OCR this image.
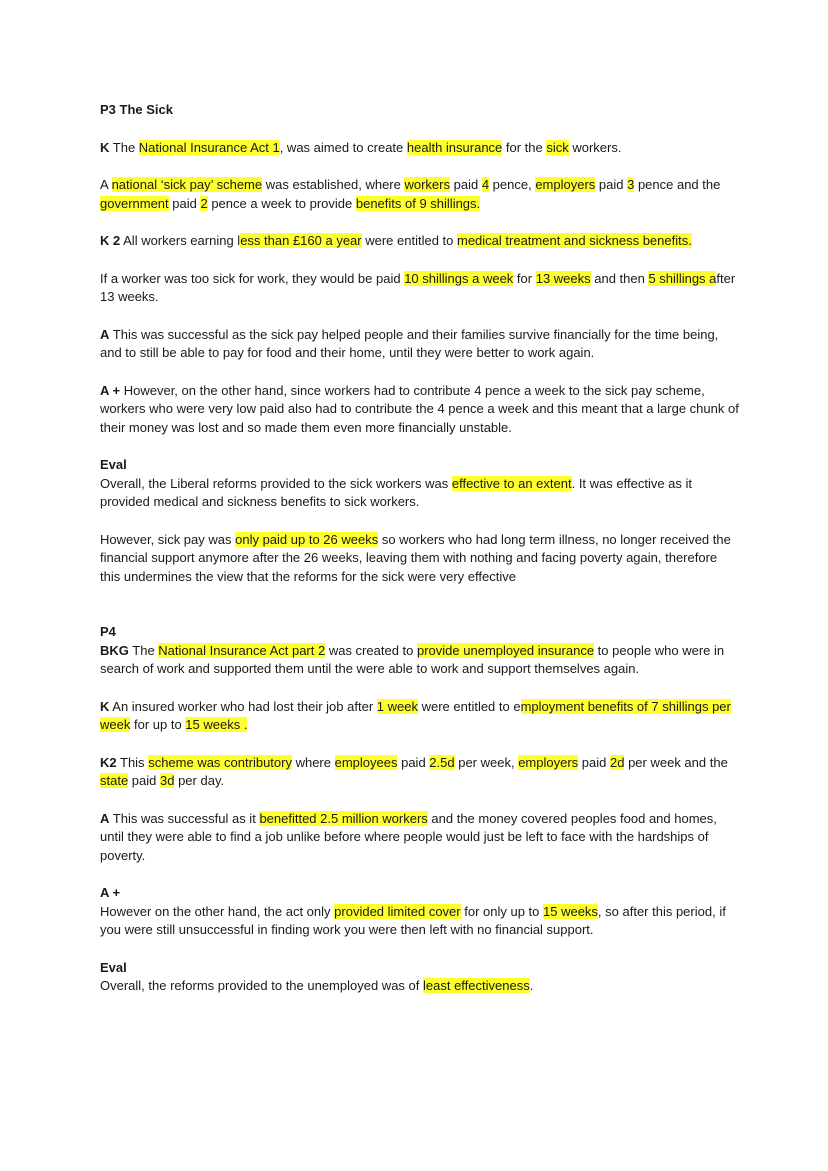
P3 The Sick

K The National Insurance Act 1, was aimed to create health insurance for the sick workers.

A national ‘sick pay’ scheme was established, where workers paid 4 pence, employers paid 3 pence and the government paid 2 pence a week to provide benefits of 9 shillings.

K 2 All workers earning less than £160 a year were entitled to medical treatment and sickness benefits.

If a worker was too sick for work, they would be paid 10 shillings a week for 13 weeks and then 5 shillings after 13 weeks.

A This was successful as the sick pay helped people and their families survive financially for the time being, and to still be able to pay for food and their home, until they were better to work again.

A + However, on the other hand, since workers had to contribute 4 pence a week to the sick pay scheme, workers who were very low paid also had to contribute the 4 pence a week and this meant that a large chunk of their money was lost and so made them even more financially unstable.

Eval

Overall, the Liberal reforms provided to the sick workers was effective to an extent. It was effective as it provided medical and sickness benefits to sick workers.

However, sick pay was only paid up to 26 weeks so workers who had long term illness, no longer received the financial support anymore after the 26 weeks, leaving them with nothing and facing poverty again, therefore this undermines the view that the reforms for the sick were very effective

P4

BKG The National Insurance Act part 2 was created to provide unemployed insurance to people who were in search of work and supported them until the were able to work and support themselves again.

K An insured worker who had lost their job after 1 week were entitled to employment benefits of 7 shillings per week for up to 15 weeks .

K2 This scheme was contributory where employees paid 2.5d per week, employers paid 2d per week and the state paid 3d per day.

A This was successful as it benefitted 2.5 million workers and the money covered peoples food and homes, until they were able to find a job unlike before where people would just be left to face with the hardships of poverty.

A +

However on the other hand, the act only provided limited cover for only up to 15 weeks, so after this period, if you were still unsuccessful in finding work you were then left with no financial support.

Eval

Overall, the reforms provided to the unemployed was of least effectiveness.
